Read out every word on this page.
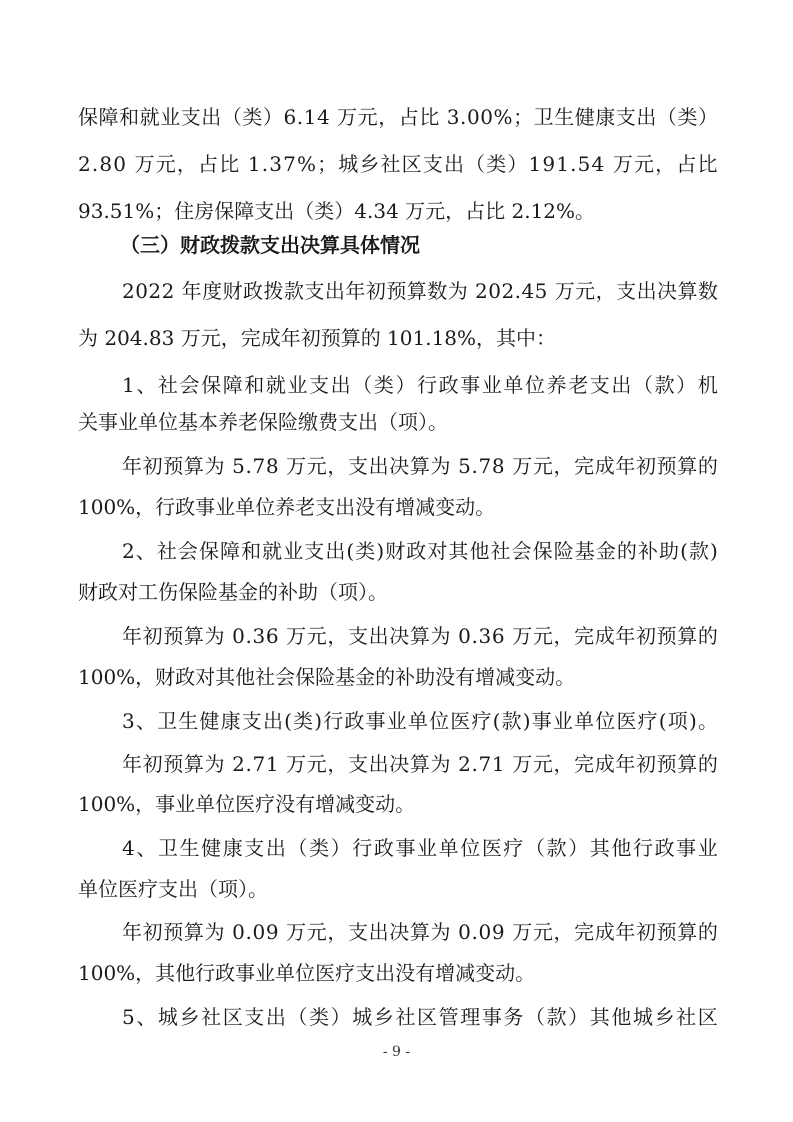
保 障 和 就 业 支 出 （ 类 ） 6 . 1 4
万 元 ， 占 比
3 . 0 0 % ； 卫 生 健 康 支 出 （ 类 ）
2 . 8 0
万 元 ， 占 比
1 . 3 7 % ； 城 乡 社 区 支 出 （ 类 ） 1 9 1 . 5 4
万 元 ， 占 比
93.51%；住房保障支出（类）4.34 万元，占比 2.12%。
（三）财政拨款支出决算具体情况
2 0 2 2
年 度 财 政 拨 款 支 出 年 初 预 算 数 为
2 0 2 . 4 5
万 元 ， 支 出 决 算 数
为 204.83 万元，完成年初预算的 101.18%，其中：
1 、 社 会 保 障 和 就 业 支 出 （ 类 ） 行 政 事 业 单 位 养 老 支 出 （ 款 ） 机
关事业单位基本养老保险缴费支出（项）。
年 初 预 算 为
5 . 7 8
万 元 ， 支 出 决 算 为
5 . 7 8
万 元 ， 完 成 年 初 预 算 的
100%，行政事业单位养老支出没有增减变动。
2 、 社 会 保 障 和 就 业 支 出 ( 类 ) 财 政 对 其 他 社 会 保 险 基 金 的 补 助 ( 款 )
财政对工伤保险基金的补助（项）。
年 初 预 算 为
0 . 3 6
万 元 ， 支 出 决 算 为
0 . 3 6
万 元 ， 完 成 年 初 预 算 的
100%，财政对其他社会保险基金的补助没有增减变动。
3 、 卫 生 健 康 支 出 ( 类 ) 行 政 事 业 单 位 医 疗 ( 款 ) 事 业 单 位 医 疗 ( 项 ) 。
年 初 预 算 为
2 . 7 1
万 元 ， 支 出 决 算 为
2 . 7 1
万 元 ， 完 成 年 初 预 算 的
100%，事业单位医疗没有增减变动。
4 、 卫 生 健 康 支 出 （ 类 ） 行 政 事 业 单 位 医 疗 （ 款 ） 其 他 行 政 事 业
单位医疗支出（项）。
年 初 预 算 为
0 . 0 9
万 元 ， 支 出 决 算 为
0 . 0 9
万 元 ， 完 成 年 初 预 算 的
100%，其他行政事业单位医疗支出没有增减变动。
5 、 城 乡 社 区 支 出 （ 类 ） 城 乡 社 区 管 理 事 务 （ 款 ） 其 他 城 乡 社 区
- 9 -
